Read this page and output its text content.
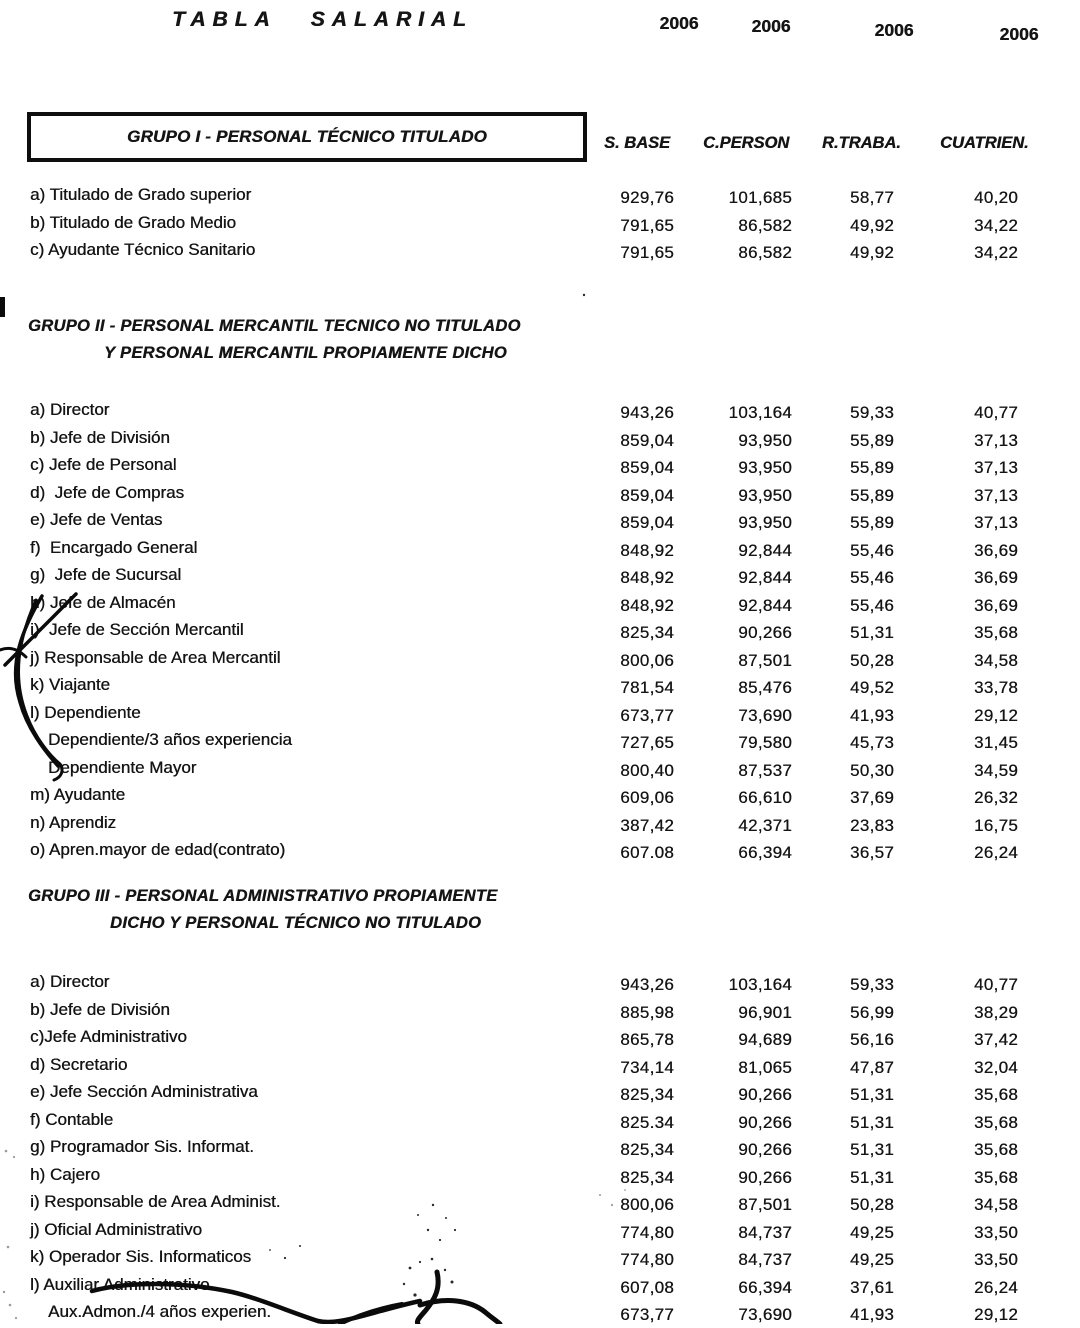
TABLA SALARIAL	2006	2006	2006	2006
GRUPO I - PERSONAL TÉCNICO TITULADO	S. BASE C.PERSON R.TRABA. CUATRIEN.
GRUPO II - PERSONAL MERCANTIL TECNICO NO TITULADO
Y PERSONAL MERCANTIL PROPIAMENTE DICHO
GRUPO III - PERSONAL ADMINISTRATIVO PROPIAMENTE
DICHO Y PERSONAL TÉCNICO NO TITULADO
a) Titulado de Grado superior	929,76	101,685	58,77	40,20
b) Titulado de Grado Medio	791,65	86,582	49,92	34,22
c) Ayudante Técnico Sanitario	791,65	86,582	49,92	34,22
a) Director	943,26	103,164	59,33	40,77
b) Jefe de División	859,04	93,950	55,89	37,13
c) Jefe de Personal	859,04	93,950	55,89	37,13
d)  Jefe de Compras	859,04	93,950	55,89	37,13
e) Jefe de Ventas	859,04	93,950	55,89	37,13
f)  Encargado General	848,92	92,844	55,46	36,69
g)  Jefe de Sucursal	848,92	92,844	55,46	36,69
h) Jefe de Almacén	848,92	92,844	55,46	36,69
i)  Jefe de Sección Mercantil	825,34	90,266	51,31	35,68
j) Responsable de Area Mercantil	800,06	87,501	50,28	34,58
k) Viajante	781,54	85,476	49,52	33,78
l) Dependiente	673,77	73,690	41,93	29,12
Dependiente/3 años experiencia	727,65	79,580	45,73	31,45
Dependiente Mayor	800,40	87,537	50,30	34,59
m) Ayudante	609,06	66,610	37,69	26,32
n) Aprendiz	387,42	42,371	23,83	16,75
o) Apren.mayor de edad(contrato)	607.08	66,394	36,57	26,24
a) Director	943,26	103,164	59,33	40,77
b) Jefe de División	885,98	96,901	56,99	38,29
c)Jefe Administrativo	865,78	94,689	56,16	37,42
d) Secretario	734,14	81,065	47,87	32,04
e) Jefe Sección Administrativa	825,34	90,266	51,31	35,68
f) Contable	825.34	90,266	51,31	35,68
g) Programador Sis. Informat.	825,34	90,266	51,31	35,68
h) Cajero	825,34	90,266	51,31	35,68
i) Responsable de Area Administ.	800,06	87,501	50,28	34,58
j) Oficial Administrativo	774,80	84,737	49,25	33,50
k) Operador Sis. Informaticos	774,80	84,737	49,25	33,50
l) Auxiliar Administrativo	607,08	66,394	37,61	26,24
Aux.Admon./4 años experien.	673,77	73,690	41,93	29,12
